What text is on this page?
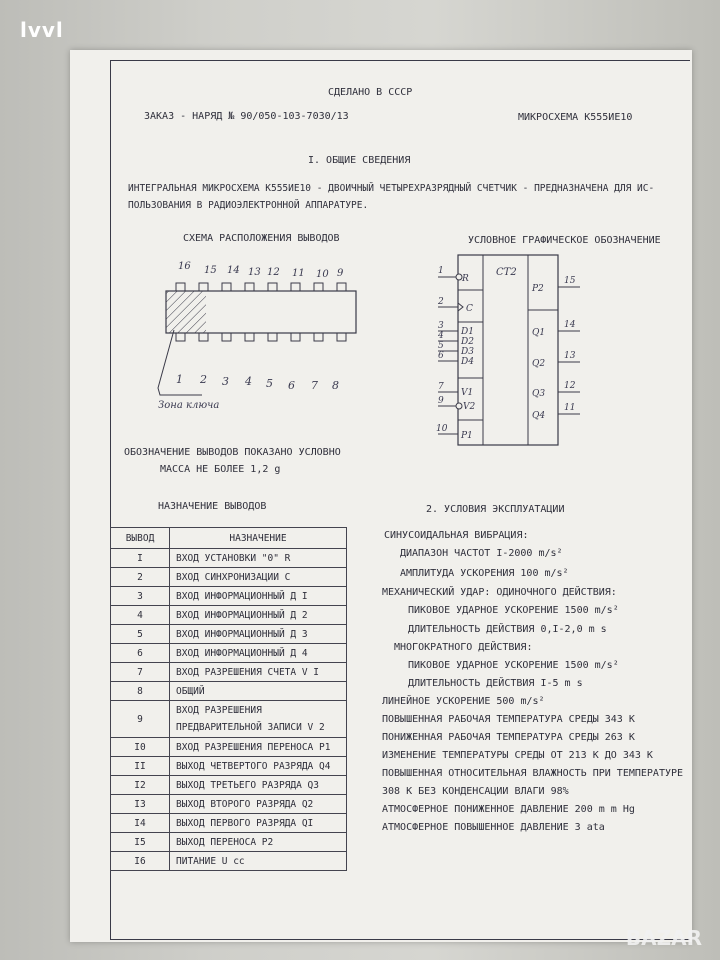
lvvl
СДЕЛАНО В СССР
ЗАКАЗ - НАРЯД № 90/050-103-7030/13	МИКРОСХЕМА К555ИЕ10
I. ОБЩИЕ СВЕДЕНИЯ
ИНТЕГРАЛЬНАЯ МИКРОСХЕМА К555ИЕ10 - ДВОИЧНЫЙ ЧЕТЫРЕХРАЗРЯДНЫЙ СЧЕТЧИК - ПРЕДНАЗНАЧЕНА ДЛЯ ИС-
ПОЛЬЗОВАНИЯ В РАДИОЭЛЕКТРОННОЙ АППАРАТУРЕ.
СХЕМА РАСПОЛОЖЕНИЯ ВЫВОДОВ
16 15 14 13 12 11 10 9
1 2 3 4 5 6 7 8
Зона ключа
ОБОЗНАЧЕНИЕ ВЫВОДОВ ПОКАЗАНО УСЛОВНО
МАССА НЕ БОЛЕЕ 1,2 g
УСЛОВНОЕ ГРАФИЧЕСКОЕ ОБОЗНАЧЕНИЕ
CT2
R
C
D1
D2
D3
D4
V1
V2
P1
1
2
3
4
5
6
7
9
10
P2
Q1
Q2
Q3
Q4
15
14
13
12
11
НАЗНАЧЕНИЕ ВЫВОДОВ
ВЫВОД	НАЗНАЧЕНИЕ
I	ВХОД УСТАНОВКИ "0" R
2	ВХОД СИНХРОНИЗАЦИИ C
3	ВХОД ИНФОРМАЦИОННЫЙ Д I
4	ВХОД ИНФОРМАЦИОННЫЙ Д 2
5	ВХОД ИНФОРМАЦИОННЫЙ Д 3
6	ВХОД ИНФОРМАЦИОННЫЙ Д 4
7	ВХОД РАЗРЕШЕНИЯ СЧЕТА V I
8	ОБЩИЙ
9	ВХОД РАЗРЕШЕНИЯ ПРЕДВАРИТЕЛЬНОЙ ЗАПИСИ V 2
I0	ВХОД РАЗРЕШЕНИЯ ПЕРЕНОСА P1
II	ВЫХОД ЧЕТВЕРТОГО РАЗРЯДА Q4
I2	ВЫХОД ТРЕТЬЕГО РАЗРЯДА Q3
I3	ВЫХОД ВТОРОГО РАЗРЯДА Q2
I4	ВЫХОД ПЕРВОГО РАЗРЯДА QI
I5	ВЫХОД ПЕРЕНОСА P2
I6	ПИТАНИЕ U cc
2. УСЛОВИЯ ЭКСПЛУАТАЦИИ
СИНУСОИДАЛЬНАЯ ВИБРАЦИЯ:
ДИАПАЗОН ЧАСТОТ I-2000 m/s²
АМПЛИТУДА УСКОРЕНИЯ 100 m/s²
МЕХАНИЧЕСКИЙ УДАР: ОДИНОЧНОГО ДЕЙСТВИЯ:
ПИКОВОЕ УДАРНОЕ УСКОРЕНИЕ 1500 m/s²
ДЛИТЕЛЬНОСТЬ ДЕЙСТВИЯ 0,I-2,0 m s
МНОГОКРАТНОГО ДЕЙСТВИЯ:
ПИКОВОЕ УДАРНОЕ УСКОРЕНИЕ 1500 m/s²
ДЛИТЕЛЬНОСТЬ ДЕЙСТВИЯ I-5 m s
ЛИНЕЙНОЕ УСКОРЕНИЕ 500 m/s²
ПОВЫШЕННАЯ РАБОЧАЯ ТЕМПЕРАТУРА СРЕДЫ 343 K
ПОНИЖЕННАЯ РАБОЧАЯ ТЕМПЕРАТУРА СРЕДЫ 263 K
ИЗМЕНЕНИЕ ТЕМПЕРАТУРЫ СРЕДЫ ОТ 213 K ДО 343 K
ПОВЫШЕННАЯ ОТНОСИТЕЛЬНАЯ ВЛАЖНОСТЬ ПРИ ТЕМПЕРАТУРЕ
308 K БЕЗ КОНДЕНСАЦИИ ВЛАГИ 98%
АТМОСФЕРНОЕ ПОНИЖЕННОЕ ДАВЛЕНИЕ 200 m m Hg
АТМОСФЕРНОЕ ПОВЫШЕННОЕ ДАВЛЕНИЕ 3 ata
BAZAR
